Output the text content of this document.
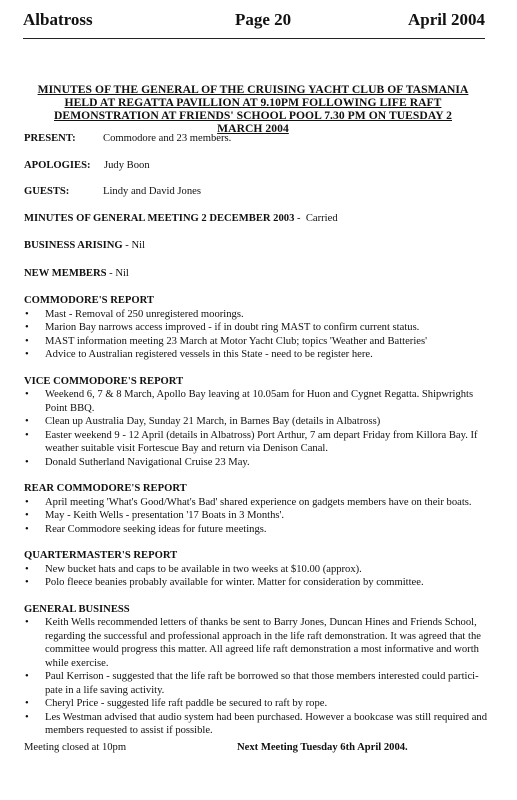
Albatross	Page 20	April 2004
MINUTES OF THE GENERAL OF THE CRUISING YACHT CLUB OF TASMANIA HELD AT REGATTA PAVILLION AT 9.10PM FOLLOWING LIFE RAFT DEMONSTRATION AT FRIENDS' SCHOOL POOL 7.30 PM ON TUESDAY 2 MARCH 2004
PRESENT:	Commodore and 23 members.
APOLOGIES:	Judy Boon
GUESTS:	Lindy and David Jones
MINUTES OF GENERAL MEETING 2 DECEMBER 2003 -  Carried
BUSINESS ARISING - Nil
NEW MEMBERS - Nil
COMMODORE'S REPORT
• Mast - Removal of 250 unregistered moorings.
• Marion Bay narrows access improved - if in doubt ring MAST to confirm current status.
• MAST information meeting 23 March at Motor Yacht Club; topics 'Weather and Batteries'
• Advice to Australian registered vessels in this State - need to be register here.
VICE COMMODORE'S REPORT
• Weekend 6, 7 & 8 March, Apollo Bay leaving at 10.05am for Huon and Cygnet Regatta. Shipwrights Point BBQ.
• Clean up Australia Day, Sunday 21 March, in Barnes Bay (details in Albatross)
• Easter weekend 9 - 12 April (details in Albatross) Port Arthur, 7 am depart Friday from Killora Bay. If weather suitable visit Fortescue Bay and return via Denison Canal.
• Donald Sutherland Navigational Cruise 23 May.
REAR COMMODORE'S REPORT
• April meeting 'What's Good/What's Bad' shared experience on gadgets members have on their boats.
• May - Keith Wells - presentation '17 Boats in 3 Months'.
• Rear Commodore seeking ideas for future meetings.
QUARTERMASTER'S REPORT
• New bucket hats and caps to be available in two weeks at $10.00 (approx).
• Polo fleece beanies probably available for winter. Matter for consideration by committee.
GENERAL BUSINESS
• Keith Wells recommended letters of thanks be sent to Barry Jones, Duncan Hines and Friends School, regarding the successful and professional approach in the life raft demonstration. It was agreed that the committee would progress this matter. All agreed life raft demonstration a most informative and worth while exercise.
• Paul Kerrison - suggested that the life raft be borrowed so that those members interested could partici-pate in a life saving activity.
• Cheryl Price - suggested life raft paddle be secured to raft by rope.
• Les Westman advised that audio system had been purchased. However a bookcase was still required and members requested to assist if possible.
Meeting closed at 10pm	Next Meeting Tuesday 6th April 2004.
